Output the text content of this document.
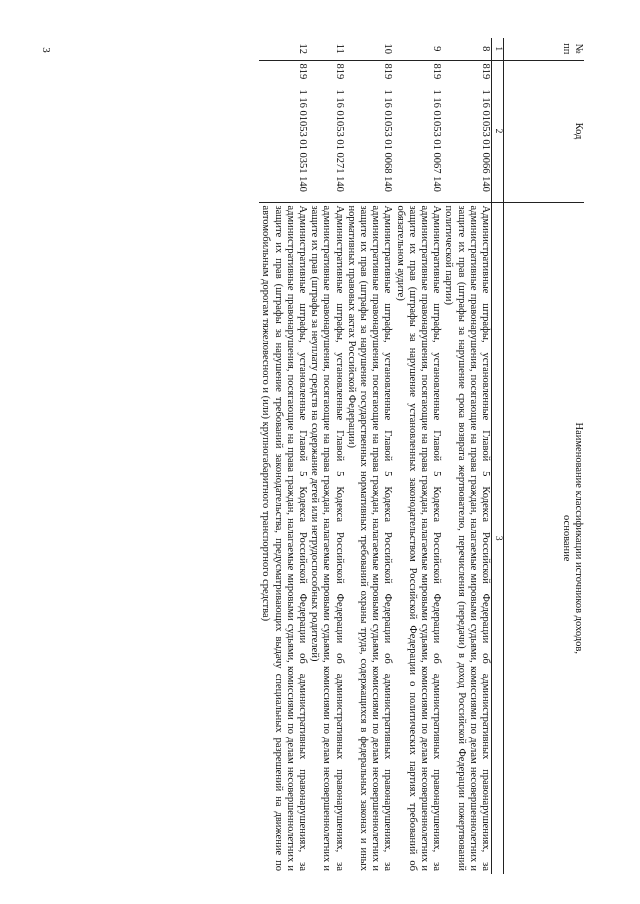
3	№
пп	Код	Наименование классификации источников доходов,
основание
1	2	3
8	8191 16 01053 01 0066 140	Административные штрафы, установленные Главой 5 Кодекса Российской Федерации об административных правонарушениях, за административные правонарушения, посягающие на права граждан, налагаемые мировыми судьями, комиссиями по делам несовершеннолетних и защите их прав (штрафы за нарушение срока возврата жертвователю, перечисления (передачи) в доход Российской Федерации пожертвований политической партии)
9	8191 16 01053 01 0067 140	Административные штрафы, установленные Главой 5 Кодекса Российской Федерации об административных правонарушениях, за административные правонарушения, посягающие на права граждан, налагаемые мировыми судьями, комиссиями по делам несовершеннолетних и защите их прав (штрафы за нарушение установленных законодательством Российской Федерации о политических партиях требований об обязательном аудите)
10	8191 16 01053 01 0068 140	Административные штрафы, установленные Главой 5 Кодекса Российской Федерации об административных правонарушениях, за административные правонарушения, посягающие на права граждан, налагаемые мировыми судьями, комиссиями по делам несовершеннолетних и защите их прав (штрафы за нарушение государственных нормативных требований охраны труда, содержащихся в федеральных законах и иных нормативных правовых актах Российской Федерации)
11	8191 16 01053 01 0271 140	Административные штрафы, установленные Главой 5 Кодекса Российской Федерации об административных правонарушениях, за административные правонарушения, посягающие на права граждан, налагаемые мировыми судьями, комиссиями по делам несовершеннолетних и защите их прав (штрафы за неуплату средств на содержание детей или нетрудоспособных родителей)
12	8191 16 01053 01 0351 140	Административные штрафы, установленные Главой 5 Кодекса Российской Федерации об административных правонарушениях, за административные правонарушения, посягающие на права граждан, налагаемые мировыми судьями, комиссиями по делам несовершеннолетних и защите их прав (штрафы за нарушение требований законодательства, предусматривающих выдачу специальных разрешений на движение по автомобильным дорогам тяжеловесного и (или) крупногабаритного транспортного средства)
